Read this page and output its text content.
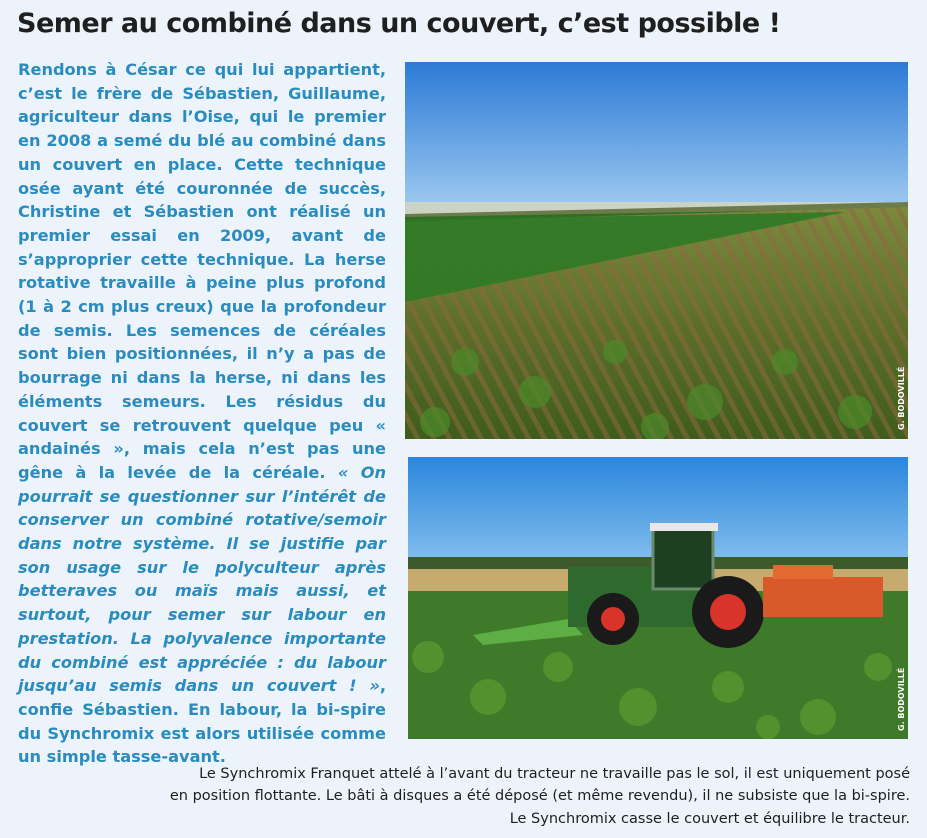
Semer au combiné dans un couvert, c’est possible !

Rendons à César ce qui lui appartient, c’est le frère de Sébastien, Guillaume, agriculteur dans l’Oise, qui le premier en 2008 a semé du blé au combiné dans un couvert en place. Cette technique osée ayant été couronnée de succès, Christine et Sébastien ont réalisé un premier essai en 2009, avant de s’approprier cette technique. La herse rotative travaille à peine plus profond (1 à 2 cm plus creux) que la profondeur de semis. Les semences de céréales sont bien positionnées, il n’y a pas de bourrage ni dans la herse, ni dans les éléments semeurs. Les résidus du couvert se retrouvent quelque peu « andainés », mais cela n’est pas une gêne à la levée de la céréale. « On pourrait se questionner sur l’intérêt de conserver un combiné rotative/semoir dans notre système. Il se justifie par son usage sur le polyculteur après betteraves ou maïs mais aussi, et surtout, pour semer sur labour en prestation. La polyvalence importante du combiné est appréciée : du labour jusqu’au semis dans un couvert ! », confie Sébastien. En labour, la bi-spire du Synchromix est alors utilisée comme un simple tasse-avant.

G. BODOVILLÉ
G. BODOVILLÉ

Le Synchromix Franquet attelé à l’avant du tracteur ne travaille pas le sol, il est uniquement posé

en position flottante. Le bâti à disques a été déposé (et même revendu), il ne subsiste que la bi-spire.

Le Synchromix casse le couvert et équilibre le tracteur.
